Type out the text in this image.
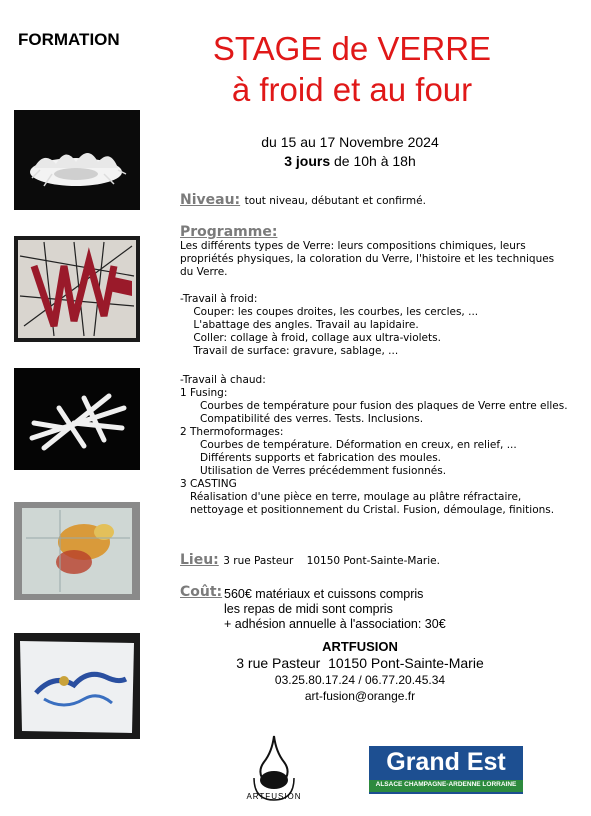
FORMATION	STAGE de VERRE
à froid et au four
du 15 au 17 Novembre 2024
3 jours de 10h à 18h
Niveau: tout niveau, débutant et confirmé.
Programme:
Les différents types de Verre: leurs compositions chimiques, leurs
propriétés physiques, la coloration du Verre, l'histoire et les techniques
du Verre.
-Travail à froid:
Couper: les coupes droites, les courbes, les cercles, ...
L'abattage des angles. Travail au lapidaire.
Coller: collage à froid, collage aux ultra-violets.
Travail de surface: gravure, sablage, ...
-Travail à chaud:
1 Fusing:
Courbes de température pour fusion des plaques de Verre entre elles.
Compatibilité des verres. Tests. Inclusions.
2 Thermoformages:
Courbes de température. Déformation en creux, en relief, ...
Différents supports et fabrication des moules.
Utilisation de Verres précédemment fusionnés.
3 CASTING
Réalisation d'une pièce en terre, moulage au plâtre réfractaire,
nettoyage et positionnement du Cristal. Fusion, démoulage, finitions.
Lieu: 3 rue Pasteur    10150 Pont-Sainte-Marie.
Coût: 560€ matériaux et cuissons compris
les repas de midi sont compris
+ adhésion annuelle à l'association: 30€
ARTFUSION
3 rue Pasteur  10150 Pont-Sainte-Marie
03.25.80.17.24 / 06.77.20.45.34
art-fusion@orange.fr
ARTFUSION
Grand Est
ALSACE CHAMPAGNE-ARDENNE LORRAINE
